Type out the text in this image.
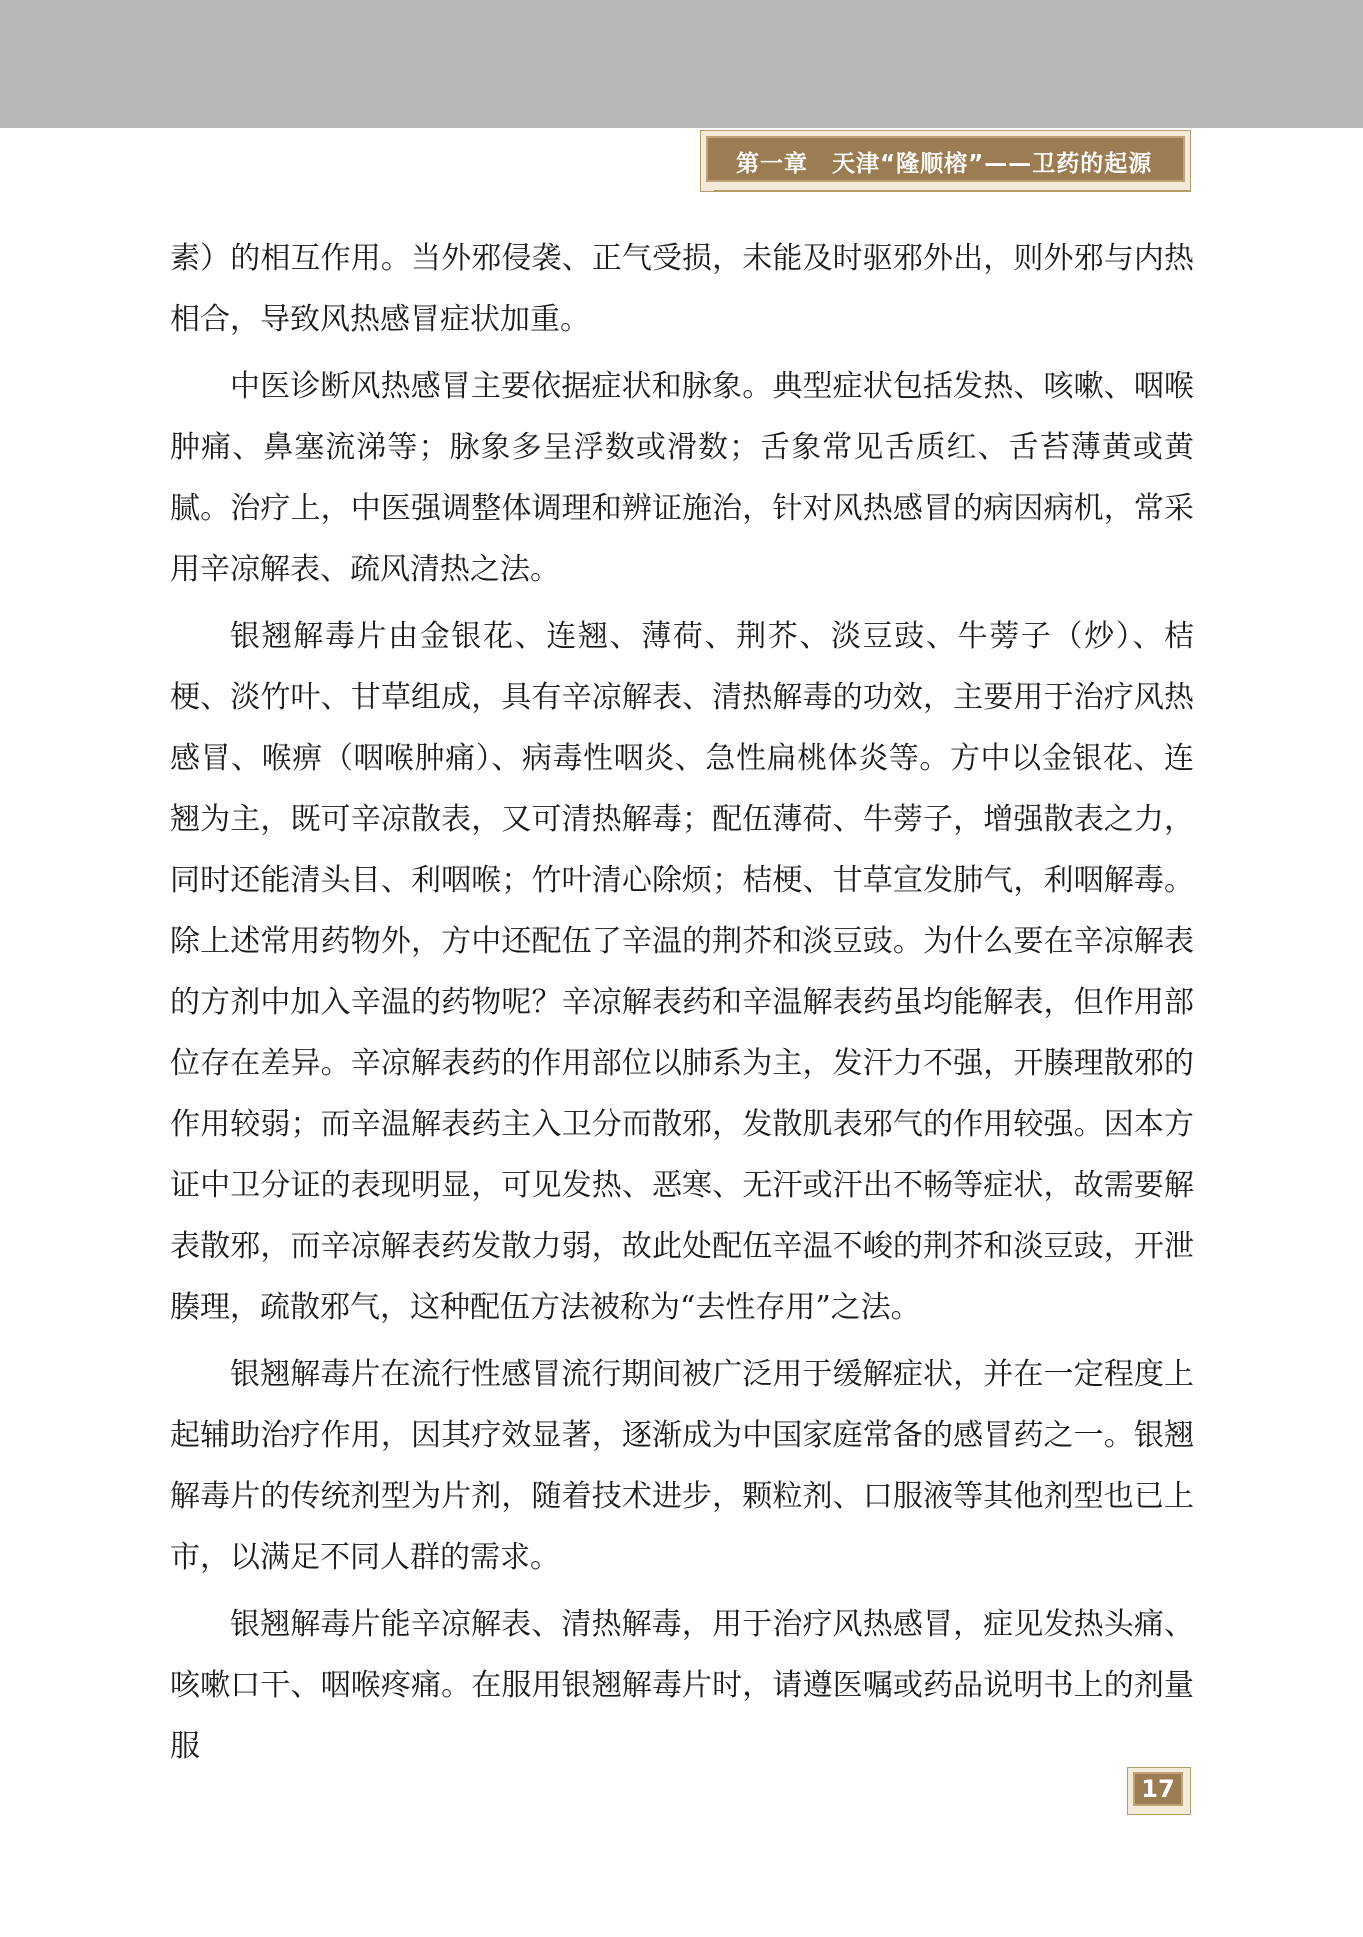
第一章　天津“隆顺榕”——卫药的起源

素）的相互作用。当外邪侵袭、正气受损，未能及时驱邪外出，则外邪与内热相合，导致风热感冒症状加重。

中医诊断风热感冒主要依据症状和脉象。典型症状包括发热、咳嗽、咽喉肿痛、鼻塞流涕等；脉象多呈浮数或滑数；舌象常见舌质红、舌苔薄黄或黄腻。治疗上，中医强调整体调理和辨证施治，针对风热感冒的病因病机，常采用辛凉解表、疏风清热之法。

银翘解毒片由金银花、连翘、薄荷、荆芥、淡豆豉、牛蒡子（炒）、桔梗、淡竹叶、甘草组成，具有辛凉解表、清热解毒的功效，主要用于治疗风热感冒、喉痹（咽喉肿痛）、病毒性咽炎、急性扁桃体炎等。方中以金银花、连翘为主，既可辛凉散表，又可清热解毒；配伍薄荷、牛蒡子，增强散表之力，同时还能清头目、利咽喉；竹叶清心除烦；桔梗、甘草宣发肺气，利咽解毒。除上述常用药物外，方中还配伍了辛温的荆芥和淡豆豉。为什么要在辛凉解表的方剂中加入辛温的药物呢？辛凉解表药和辛温解表药虽均能解表，但作用部位存在差异。辛凉解表药的作用部位以肺系为主，发汗力不强，开腠理散邪的作用较弱；而辛温解表药主入卫分而散邪，发散肌表邪气的作用较强。因本方证中卫分证的表现明显，可见发热、恶寒、无汗或汗出不畅等症状，故需要解表散邪，而辛凉解表药发散力弱，故此处配伍辛温不峻的荆芥和淡豆豉，开泄腠理，疏散邪气，这种配伍方法被称为“去性存用”之法。

银翘解毒片在流行性感冒流行期间被广泛用于缓解症状，并在一定程度上起辅助治疗作用，因其疗效显著，逐渐成为中国家庭常备的感冒药之一。银翘解毒片的传统剂型为片剂，随着技术进步，颗粒剂、口服液等其他剂型也已上市，以满足不同人群的需求。

银翘解毒片能辛凉解表、清热解毒，用于治疗风热感冒，症见发热头痛、咳嗽口干、咽喉疼痛。在服用银翘解毒片时，请遵医嘱或药品说明书上的剂量服

17
